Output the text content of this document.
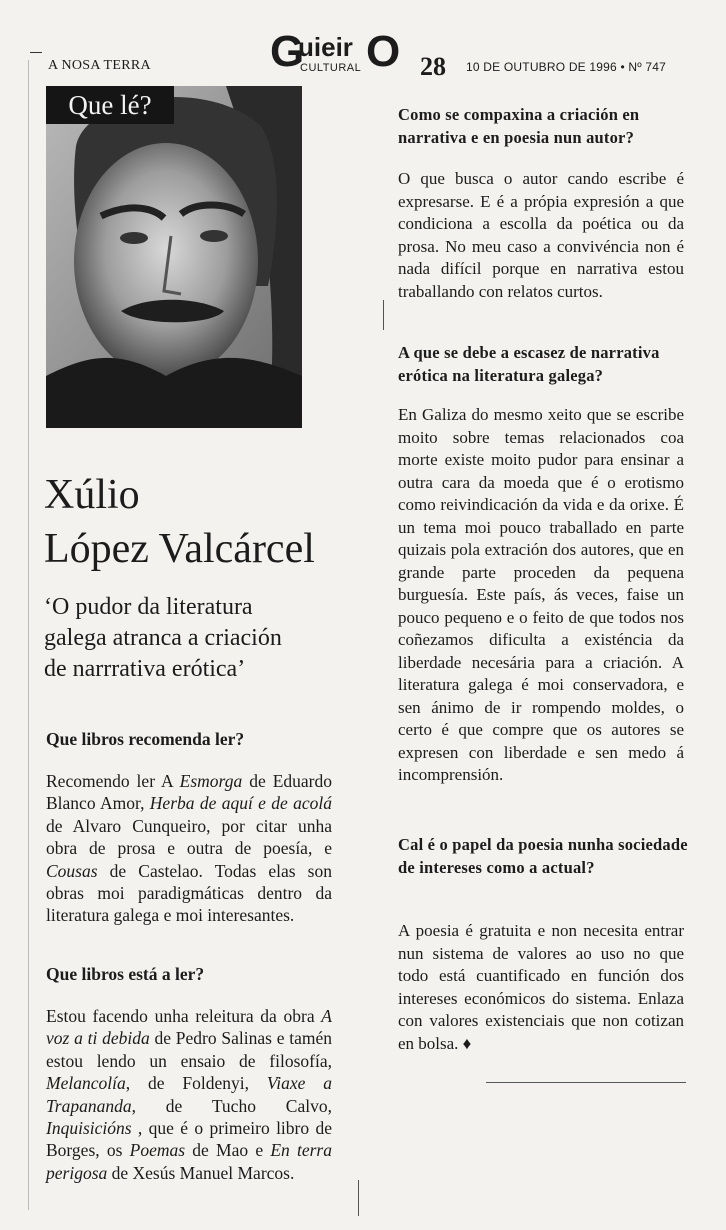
A NOSA TERRA	G
uieir O
CULTURAL 28 10 DE OUTUBRO DE 1996 • Nº 747
Que lé?
Xúlio
López Valcárcel
‘O pudor da literatura
galega atranca a criación
de narrrativa erótica’
Que libros recomenda ler?
Recomendo ler A Esmorga de Eduardo Blanco Amor, Herba de aquí e de acolá de Alvaro Cunqueiro, por citar unha obra de prosa e outra de poesía, e Cousas de Castelao. Todas elas son obras moi paradigmáticas dentro da literatura galega e moi interesantes.
Que libros está a ler?
Estou facendo unha releitura da obra A voz a ti debida de Pedro Salinas e tamén estou lendo un ensaio de filosofía, Melancolía, de Foldenyi, Viaxe a Trapananda, de Tucho Calvo, Inquisicións , que é o primeiro libro de Borges, os Poemas de Mao e En terra perigosa de Xesús Manuel Marcos.
Como se compaxina a criación en narrativa e en poesia nun autor?
O que busca o autor cando escribe é expresarse. E é a própia expresión a que condiciona a escolla da poética ou da prosa. No meu caso a convivéncia non é nada difícil porque en narrativa estou traballando con relatos curtos.
A que se debe a escasez de narrativa erótica na literatura galega?
En Galiza do mesmo xeito que se escribe moito sobre temas relacionados coa morte existe moito pudor para ensinar a outra cara da moeda que é o erotismo como reivindicación da vida e da orixe. É un tema moi pouco traballado en parte quizais pola extración dos autores, que en grande parte proceden da pequena burguesía. Este país, ás veces, faise un pouco pequeno e o feito de que todos nos coñezamos dificulta a existéncia da liberdade necesária para a criación. A literatura galega é moi conservadora, e sen ánimo de ir rompendo moldes, o certo é que compre que os autores se expresen con liberdade e sen medo á incomprensión.
Cal é o papel da poesia nunha sociedade de intereses como a actual?
A poesia é gratuita e non necesita entrar nun sistema de valores ao uso no que todo está cuantificado en función dos intereses económicos do sistema. Enlaza con valores existenciais que non cotizan en bolsa. ♦
